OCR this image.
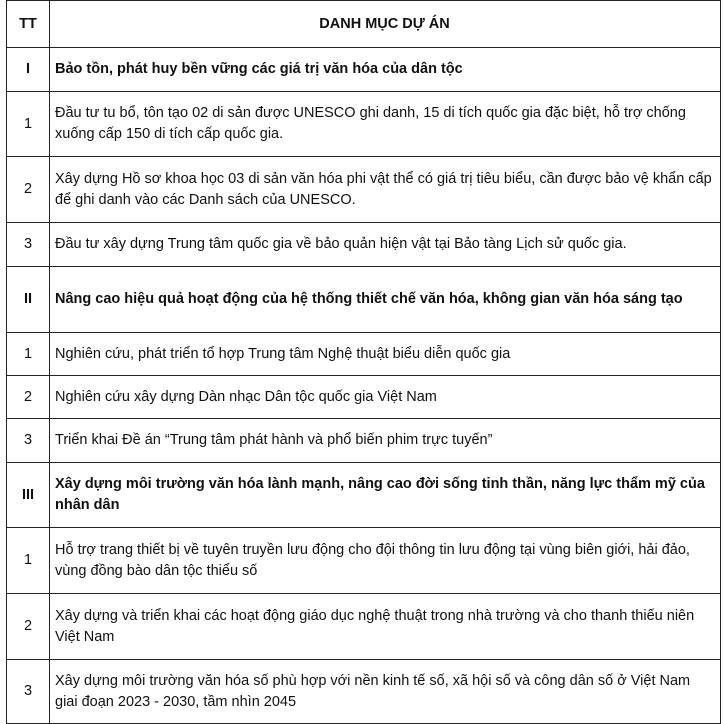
TT	DANH MỤC DỰ ÁN
I	Bảo tồn, phát huy bền vững các giá trị văn hóa của dân tộc
1	Đầu tư tu bổ, tôn tạo 02 di sản được UNESCO ghi danh, 15 di tích quốc gia đặc biệt, hỗ trợ chống xuống cấp 150 di tích cấp quốc gia.
2	Xây dựng Hồ sơ khoa học 03 di sản văn hóa phi vật thể có giá trị tiêu biểu, cần được bảo vệ khẩn cấp để ghi danh vào các Danh sách của UNESCO.
3	Đầu tư xây dựng Trung tâm quốc gia về bảo quản hiện vật tại Bảo tàng Lịch sử quốc gia.
II	Nâng cao hiệu quả hoạt động của hệ thống thiết chế văn hóa, không gian văn hóa sáng tạo
1	Nghiên cứu, phát triển tổ hợp Trung tâm Nghệ thuật biểu diễn quốc gia
2	Nghiên cứu xây dựng Dàn nhạc Dân tộc quốc gia Việt Nam
3	Triển khai Đề án “Trung tâm phát hành và phổ biến phim trực tuyến”
III	Xây dựng môi trường văn hóa lành mạnh, nâng cao đời sống tinh thần, năng lực thẩm mỹ của nhân dân
1	Hỗ trợ trang thiết bị về tuyên truyền lưu động cho đội thông tin lưu động tại vùng biên giới, hải đảo, vùng đồng bào dân tộc thiểu số
2	Xây dựng và triển khai các hoạt động giáo dục nghệ thuật trong nhà trường và cho thanh thiếu niên Việt Nam
3	Xây dựng môi trường văn hóa số phù hợp với nền kinh tế số, xã hội số và công dân số ở Việt Nam giai đoạn 2023 - 2030, tầm nhìn 2045
